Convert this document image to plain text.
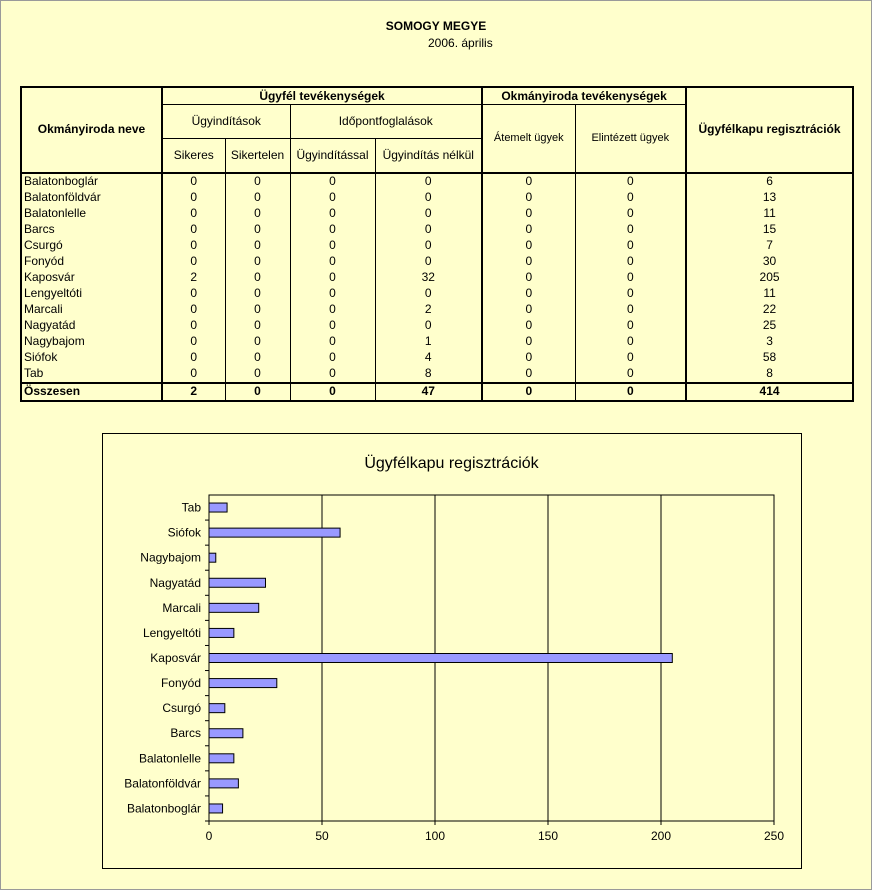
SOMOGY MEGYE
2006. április
Okmányiroda neve	Ügyfél tevékenységek				Okmányiroda tevékenységek		Ügyfélkapu regisztrációk
	Ügyindítások		Időpontfoglalások		Átemelt ügyek	Elintézett ügyek	
	Sikeres	Sikertelen	Ügyindítással	Ügyindítás nélkül			
Balatonboglár	0	0	0	0	0	0	6
Balatonföldvár	0	0	0	0	0	0	13
Balatonlelle	0	0	0	0	0	0	11
Barcs	0	0	0	0	0	0	15
Csurgó	0	0	0	0	0	0	7
Fonyód	0	0	0	0	0	0	30
Kaposvár	2	0	0	32	0	0	205
Lengyeltóti	0	0	0	0	0	0	11
Marcali	0	0	0	2	0	0	22
Nagyatád	0	0	0	0	0	0	25
Nagybajom	0	0	0	1	0	0	3
Siófok	0	0	0	4	0	0	58
Tab	0	0	0	8	0	0	8
Összesen	2	0	0	47	0	0	414
Ügyfélkapu regisztrációk
0	50	100	150	200	250
Balatonboglár
Balatonföldvár
Balatonlelle
Barcs
Csurgó
Fonyód
Kaposvár
Lengyeltóti
Marcali
Nagyatád
Nagybajom
Siófok
Tab
